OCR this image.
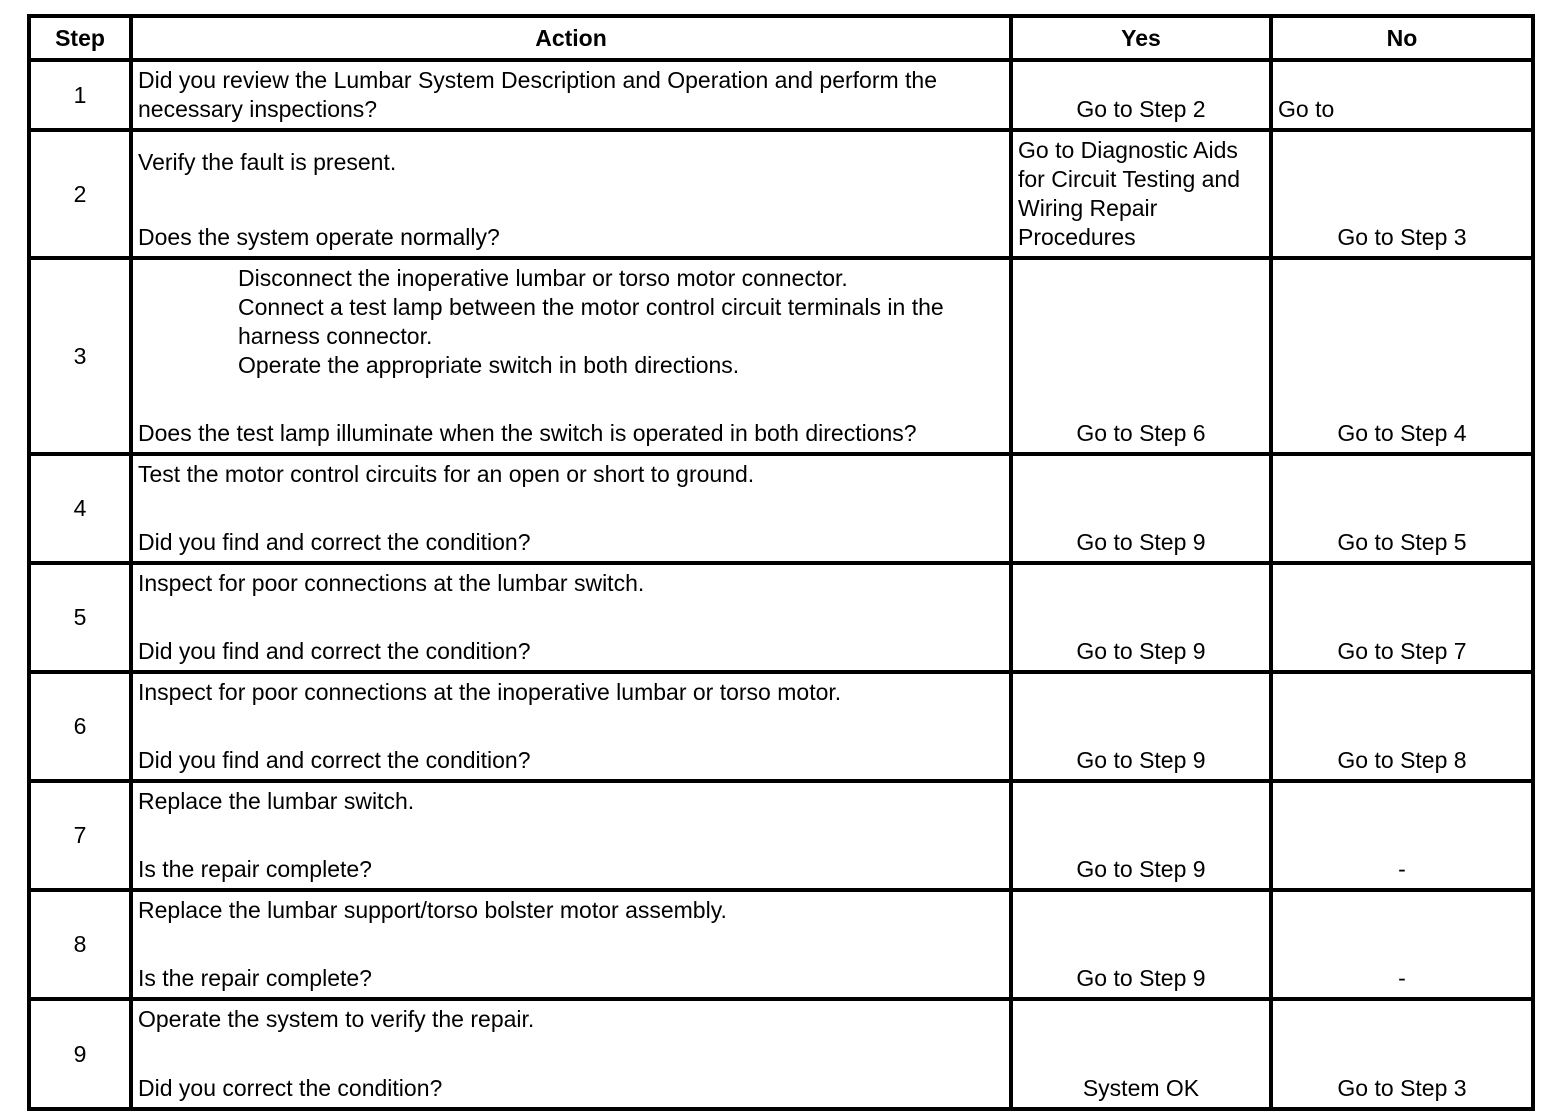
Step	Action	Yes	No
1	Did you review the Lumbar System Description and Operation and perform the necessary inspections?	Go to Step 2	Go to
2	Verify the fault is present.
Does the system operate normally?	Go to Diagnostic Aids for Circuit Testing and Wiring Repair Procedures	Go to Step 3
3	Disconnect the inoperative lumbar or torso motor connector.
Connect a test lamp between the motor control circuit terminals in the harness connector.
Operate the appropriate switch in both directions.
Does the test lamp illuminate when the switch is operated in both directions?	Go to Step 6	Go to Step 4
4	Test the motor control circuits for an open or short to ground.
Did you find and correct the condition?	Go to Step 9	Go to Step 5
5	Inspect for poor connections at the lumbar switch.
Did you find and correct the condition?	Go to Step 9	Go to Step 7
6	Inspect for poor connections at the inoperative lumbar or torso motor.
Did you find and correct the condition?	Go to Step 9	Go to Step 8
7	Replace the lumbar switch.
Is the repair complete?	Go to Step 9	-
8	Replace the lumbar support/torso bolster motor assembly.
Is the repair complete?	Go to Step 9	-
9	Operate the system to verify the repair.
Did you correct the condition?	System OK	Go to Step 3
